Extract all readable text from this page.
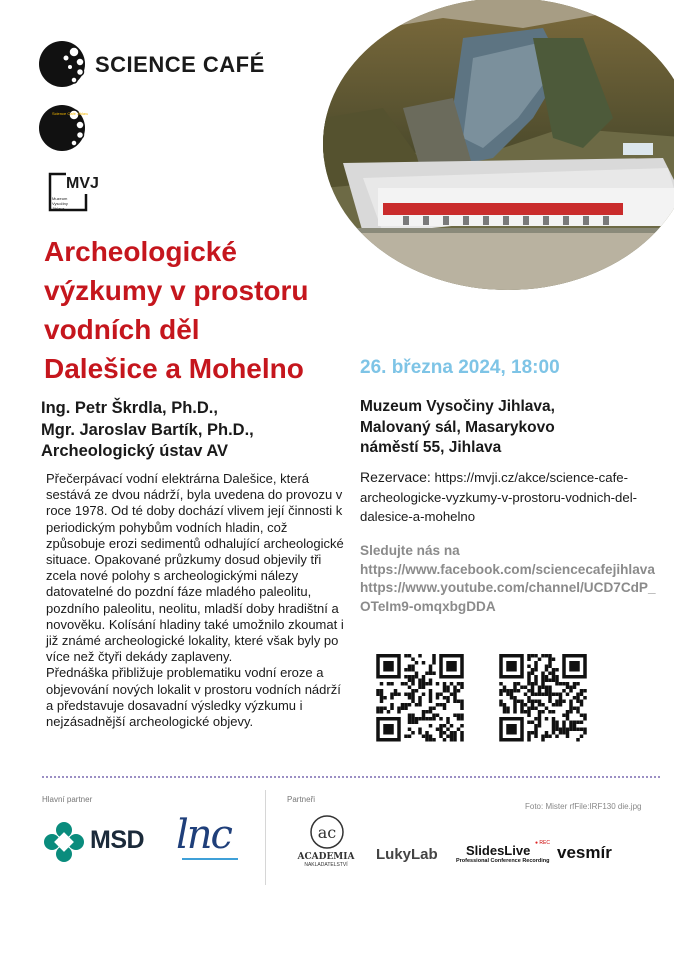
SCIENCE CAFÉ
Science Café Jihlava
MVJ
Muzeum
Vysočiny
Jihlava
Archeologické
výzkumy v prostoru
vodních děl
Dalešice a Mohelno
Ing. Petr Škrdla, Ph.D.,
Mgr. Jaroslav Bartík, Ph.D.,
Archeologický ústav AV
Přečerpávací vodní elektrárna Dalešice, která sestává ze dvou nádrží, byla uvedena do provozu v roce 1978. Od té doby dochází vlivem její činnosti k periodickým pohybům vodních hladin, což způsobuje erozi sedimentů odhalující archeologické situace. Opakované průzkumy dosud objevily tři zcela nové polohy s archeologickými nálezy datovatelné do pozdní fáze mladého paleolitu, pozdního paleolitu, neolitu, mladší doby hradištní a novověku. Kolísání hladiny také umožnilo zkoumat i již známé archeologické lokality, které však byly po více než čtyři dekády zaplaveny.
Přednáška přibližuje problematiku vodní eroze a objevování nových lokalit v prostoru vodních nádrží a představuje dosavadní výsledky výzkumu i nejzásadnější archeologické objevy.
26. března 2024, 18:00
Muzeum Vysočiny Jihlava,
Malovaný sál, Masarykovo
náměstí 55, Jihlava
Rezervace: https://mvji.cz/akce/science-cafe-archeologicke-vyzkumy-v-prostoru-vodnich-del-dalesice-a-mohelno
Sledujte nás na
https://www.facebook.com/sciencecafejihlava
https://www.youtube.com/channel/UCD7CdP_OTeIm9-omqxbgDDA
Hlavní partner	Partneři
Foto: Mister rfFile:IRF130 die.jpg
MSD lnc	ac
ACADEMIA
NAKLADATELSTVÍ
LukyLab SlidesLive ● REC
Professional Conference Recording vesmír
